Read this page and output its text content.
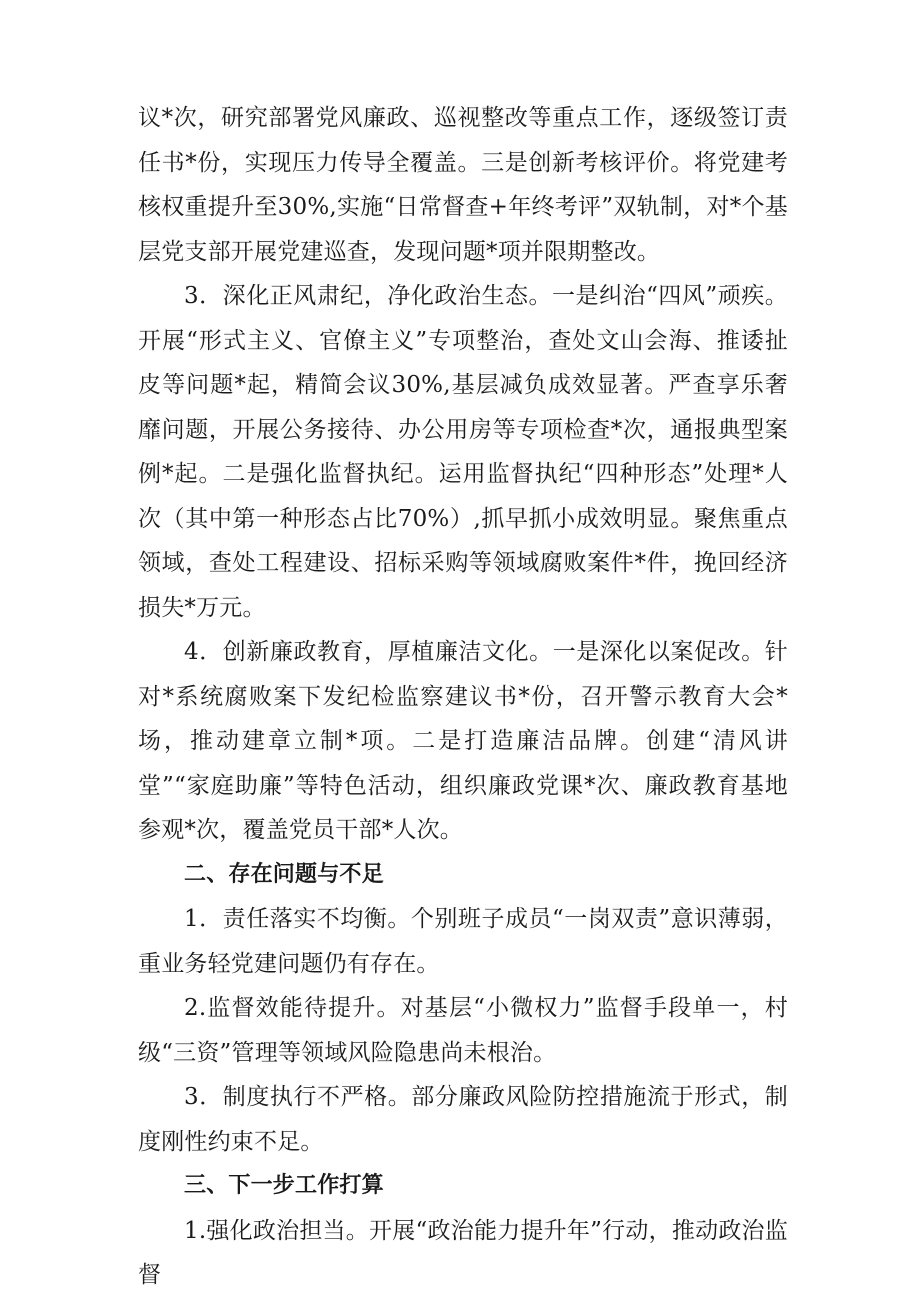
议*次，研究部署党风廉政、巡视整改等重点工作，逐级签订责任书*份，实现压力传导全覆盖。三是创新考核评价。将党建考核权重提升至30%,实施“日常督查+年终考评”双轨制，对*个基层党支部开展党建巡查，发现问题*项并限期整改。

3．深化正风肃纪，净化政治生态。一是纠治“四风”顽疾。开展“形式主义、官僚主义”专项整治，查处文山会海、推诿扯皮等问题*起，精简会议30%,基层减负成效显著。严查享乐奢靡问题，开展公务接待、办公用房等专项检查*次，通报典型案例*起。二是强化监督执纪。运用监督执纪“四种形态”处理*人次（其中第一种形态占比70%）,抓早抓小成效明显。聚焦重点领域，查处工程建设、招标采购等领域腐败案件*件，挽回经济损失*万元。

4．创新廉政教育，厚植廉洁文化。一是深化以案促改。针对*系统腐败案下发纪检监察建议书*份，召开警示教育大会*场，推动建章立制*项。二是打造廉洁品牌。创建“清风讲堂”“家庭助廉”等特色活动，组织廉政党课*次、廉政教育基地参观*次，覆盖党员干部*人次。

二、存在问题与不足

1．责任落实不均衡。个别班子成员“一岗双责”意识薄弱，重业务轻党建问题仍有存在。

2.监督效能待提升。对基层“小微权力”监督手段单一，村级“三资”管理等领域风险隐患尚未根治。

3．制度执行不严格。部分廉政风险防控措施流于形式，制度刚性约束不足。

三、下一步工作打算

1.强化政治担当。开展“政治能力提升年”行动，推动政治监督
